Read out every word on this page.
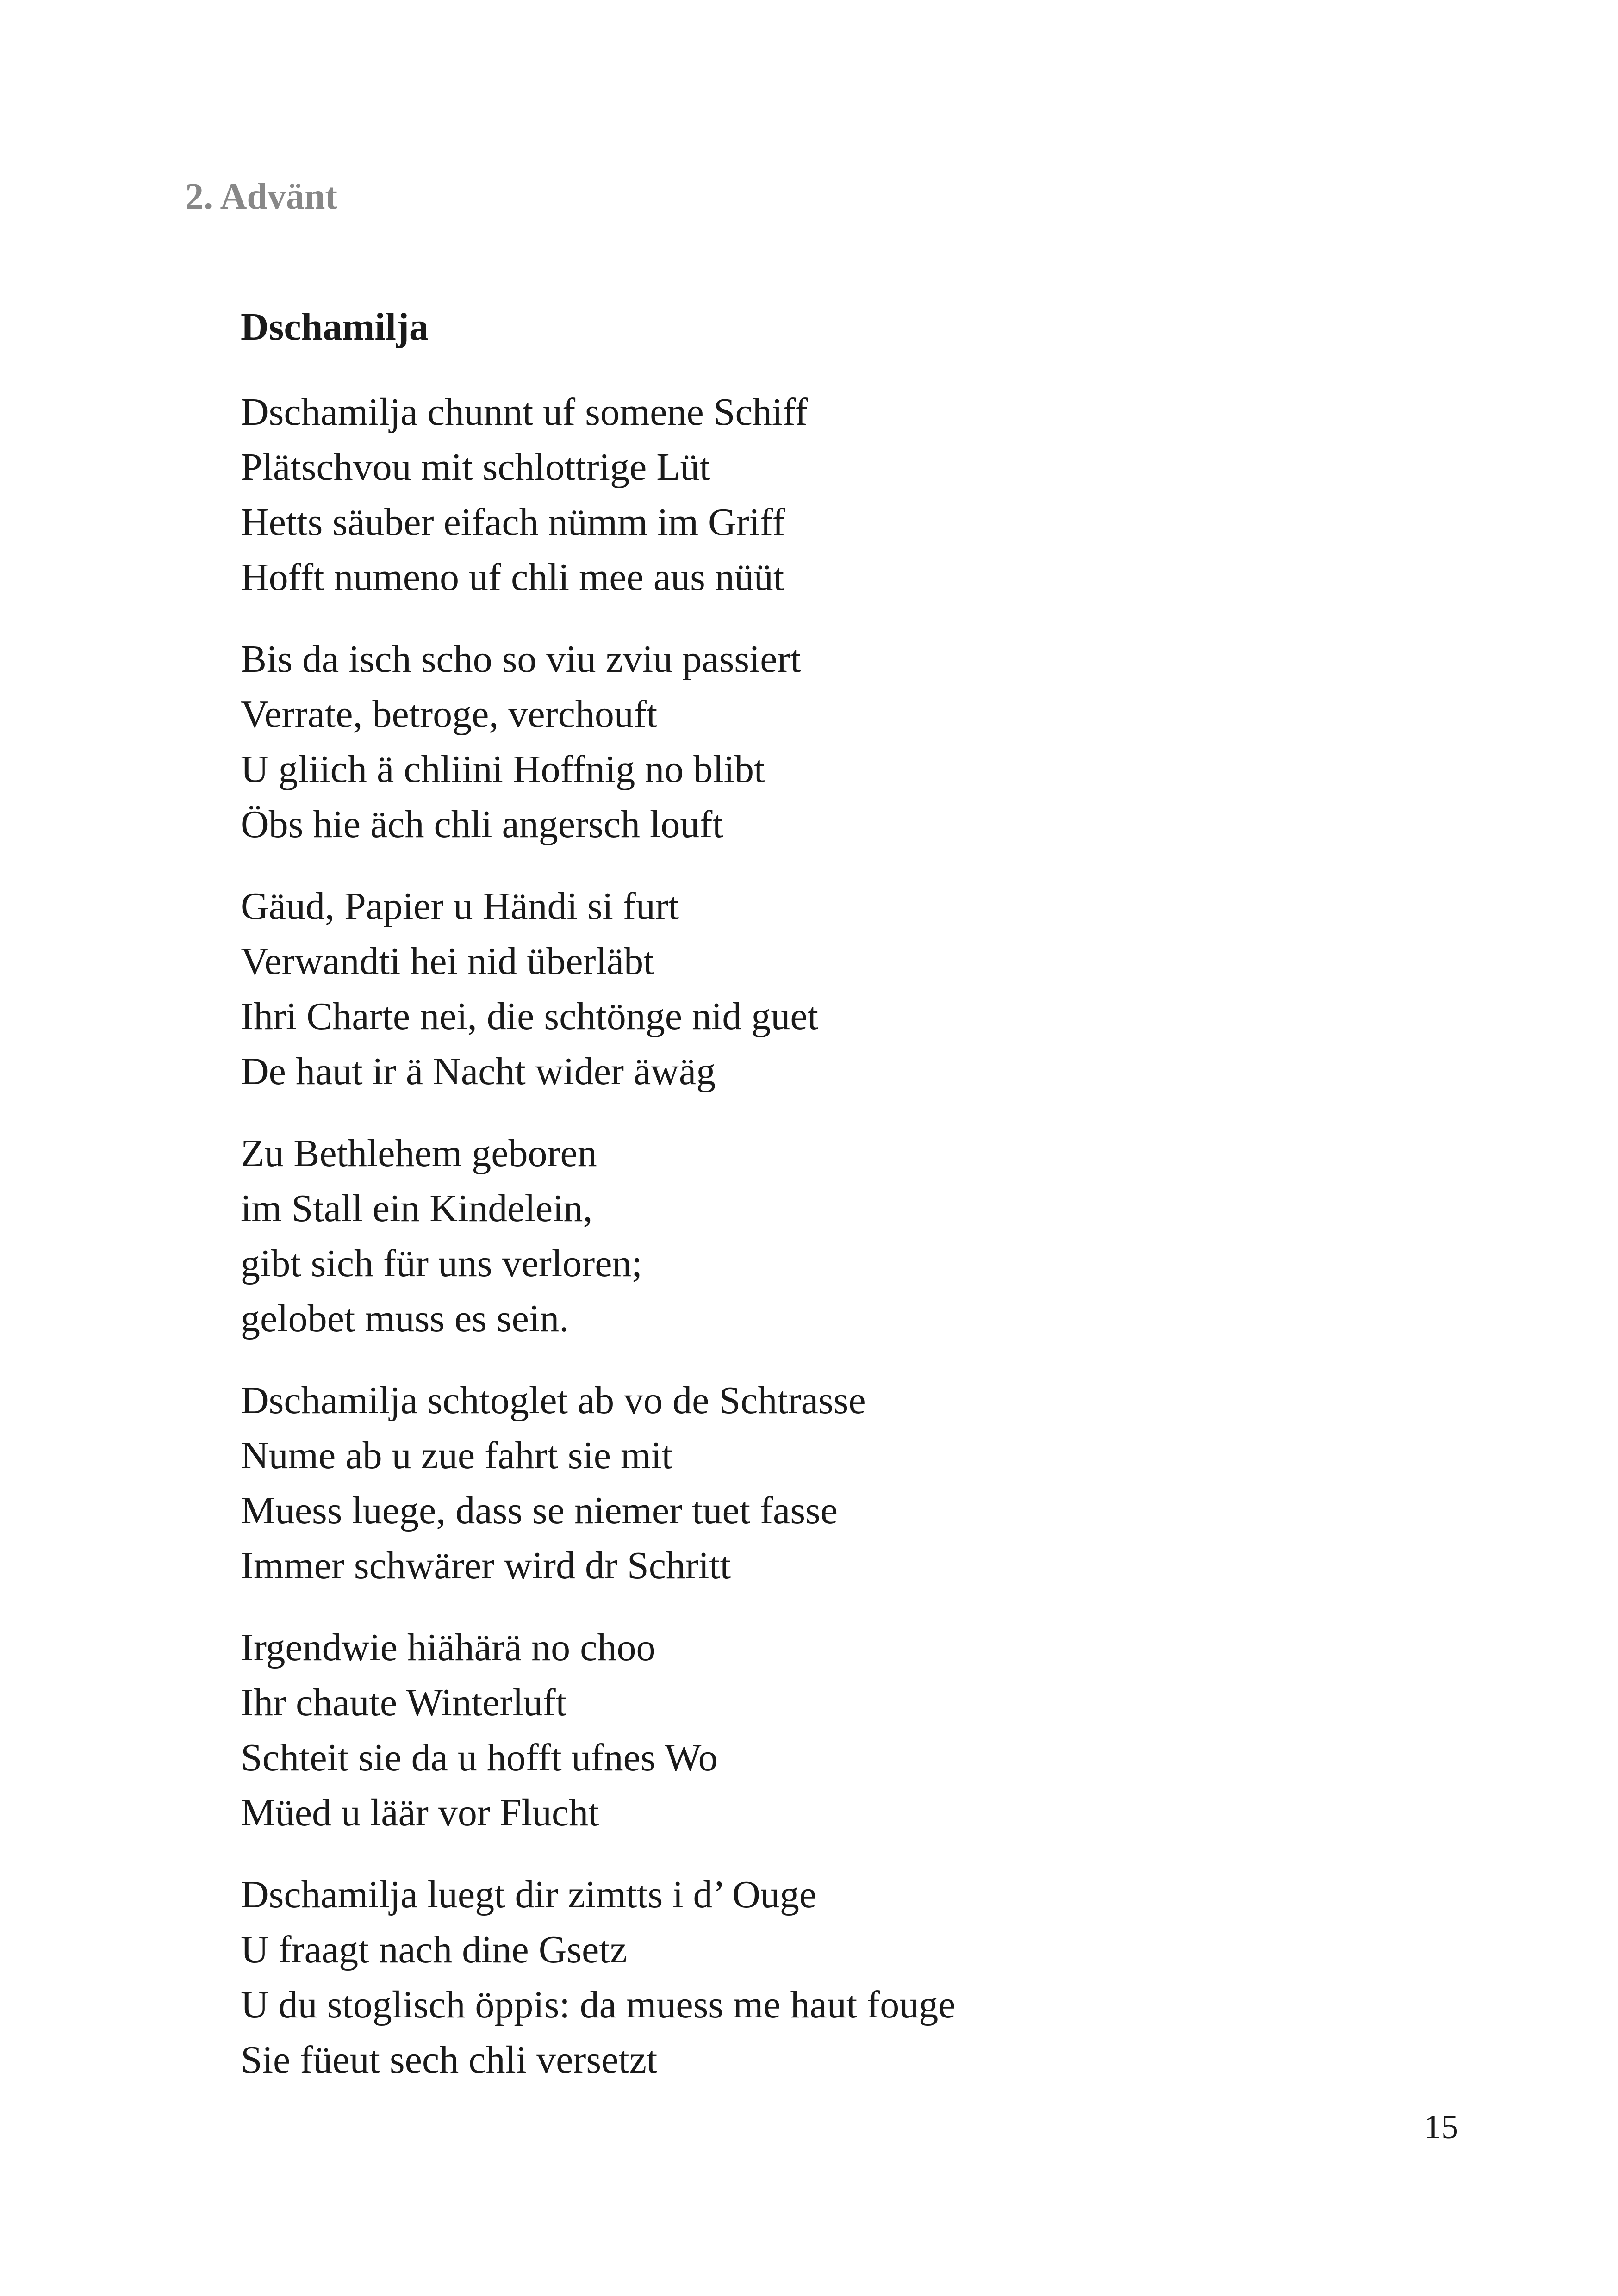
2. Advänt
Dschamilja
Dschamilja chunnt uf somene Schiff
Plätschvou mit schlottrige Lüt
Hetts säuber eifach nümm im Griff
Hofft numeno uf chli mee aus nüüt
Bis da isch scho so viu zviu passiert
Verrate, betroge, verchouft
U gliich ä chliini Hoffnig no blibt
Öbs hie äch chli angersch louft
Gäud, Papier u Händi si furt
Verwandti hei nid überläbt
Ihri Charte nei, die schtönge nid guet
De haut ir ä Nacht wider äwäg
Zu Bethlehem geboren
im Stall ein Kindelein,
gibt sich für uns verloren;
gelobet muss es sein.
Dschamilja schtoglet ab vo de Schtrasse
Nume ab u zue fahrt sie mit
Muess luege, dass se niemer tuet fasse
Immer schwärer wird dr Schritt
Irgendwie hiähärä no choo
Ihr chaute Winterluft
Schteit sie da u hofft ufnes Wo
Müed u läär vor Flucht
Dschamilja luegt dir zimtts i d’ Ouge
U fraagt nach dine Gsetz
U du stoglisch öppis: da muess me haut fouge
Sie füeut sech chli versetzt
15
